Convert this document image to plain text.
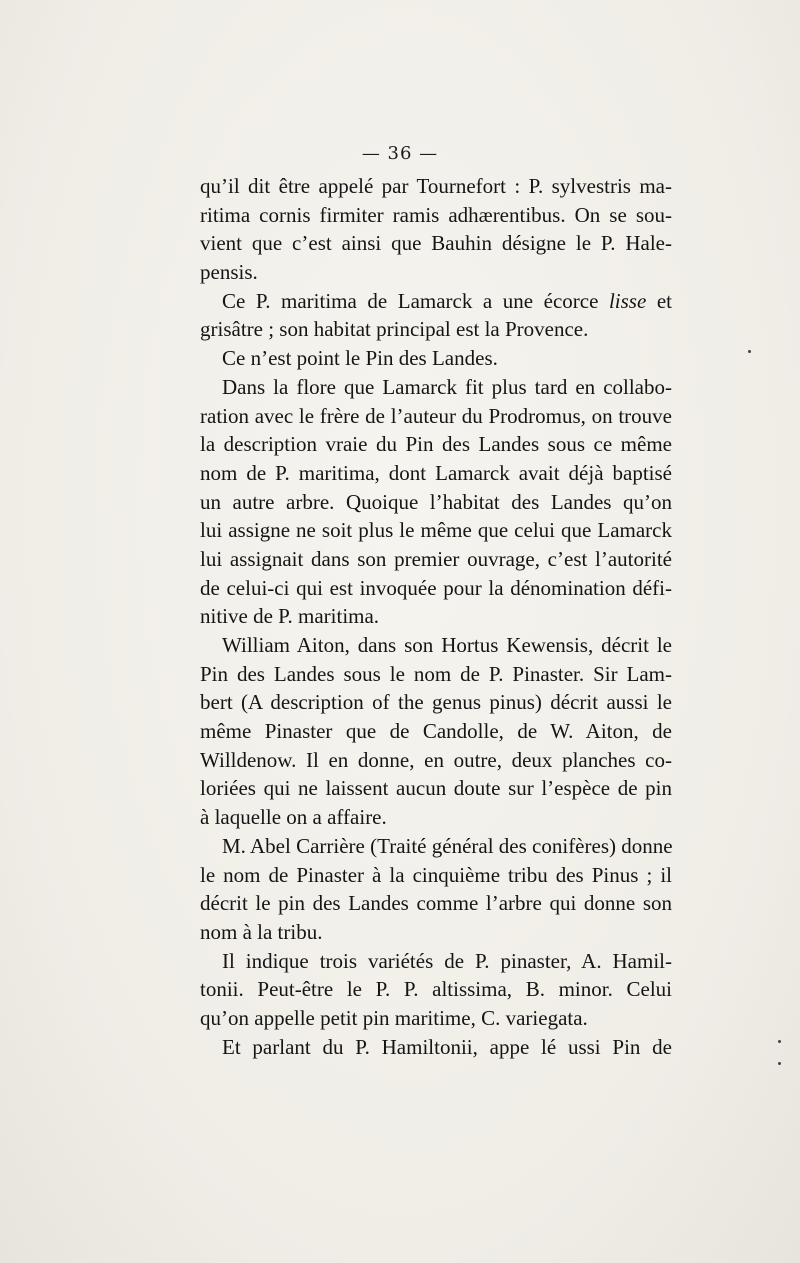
— 36 —
qu’il dit être appelé par Tournefort : P. sylvestris ma-
ritima cornis firmiter ramis adhærentibus. On se sou-
vient que c’est ainsi que Bauhin désigne le P. Hale-
pensis.
Ce P. maritima de Lamarck a une écorce lisse et
grisâtre ; son habitat principal est la Provence.
Ce n’est point le Pin des Landes.
Dans la flore que Lamarck fit plus tard en collabo-
ration avec le frère de l’auteur du Prodromus, on trouve
la description vraie du Pin des Landes sous ce même
nom de P. maritima, dont Lamarck avait déjà baptisé
un autre arbre. Quoique l’habitat des Landes qu’on
lui assigne ne soit plus le même que celui que Lamarck
lui assignait dans son premier ouvrage, c’est l’autorité
de celui-ci qui est invoquée pour la dénomination défi-
nitive de P. maritima.
William Aiton, dans son Hortus Kewensis, décrit le
Pin des Landes sous le nom de P. Pinaster. Sir Lam-
bert (A description of the genus pinus) décrit aussi le
même Pinaster que de Candolle, de W. Aiton, de
Willdenow. Il en donne, en outre, deux planches co-
loriées qui ne laissent aucun doute sur l’espèce de pin
à laquelle on a affaire.
M. Abel Carrière (Traité général des conifères) donne
le nom de Pinaster à la cinquième tribu des Pinus ; il
décrit le pin des Landes comme l’arbre qui donne son
nom à la tribu.
Il indique trois variétés de P. pinaster, A. Hamil-
tonii. Peut-être le P. P. altissima, B. minor. Celui
qu’on appelle petit pin maritime, C. variegata.
Et parlant du P. Hamiltonii, appe lé ussi Pin de
